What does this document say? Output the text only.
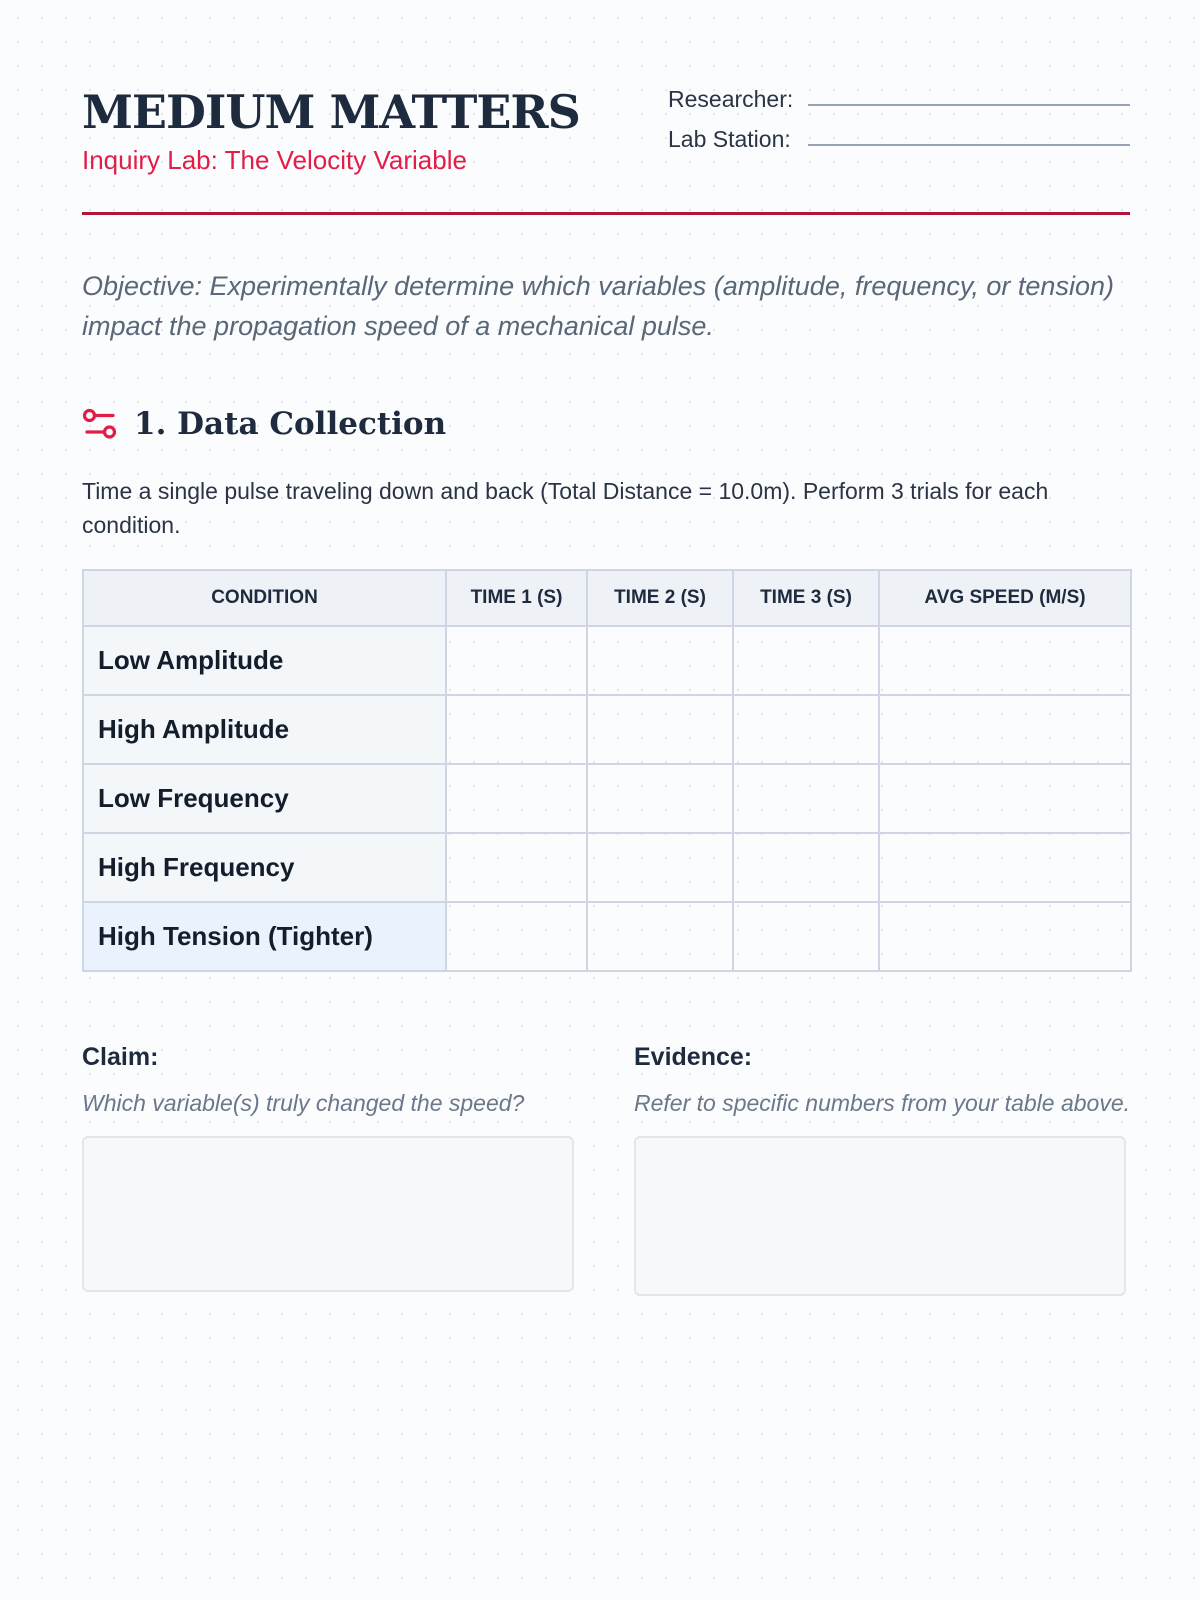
MEDIUM MATTERS
Inquiry Lab: The Velocity Variable
Researcher:
Lab Station:

Objective: Experimentally determine which variables (amplitude, frequency, or tension) impact the propagation speed of a mechanical pulse.

1. Data Collection

Time a single pulse traveling down and back (Total Distance = 10.0m). Perform 3 trials for each condition.

CONDITION	TIME 1 (S)	TIME 2 (S)	TIME 3 (S)	AVG SPEED (M/S)
Low Amplitude				
High Amplitude				
Low Frequency				
High Frequency				
High Tension (Tighter)				
Claim:

Which variable(s) truly changed the speed?

Evidence:

Refer to specific numbers from your table above.
